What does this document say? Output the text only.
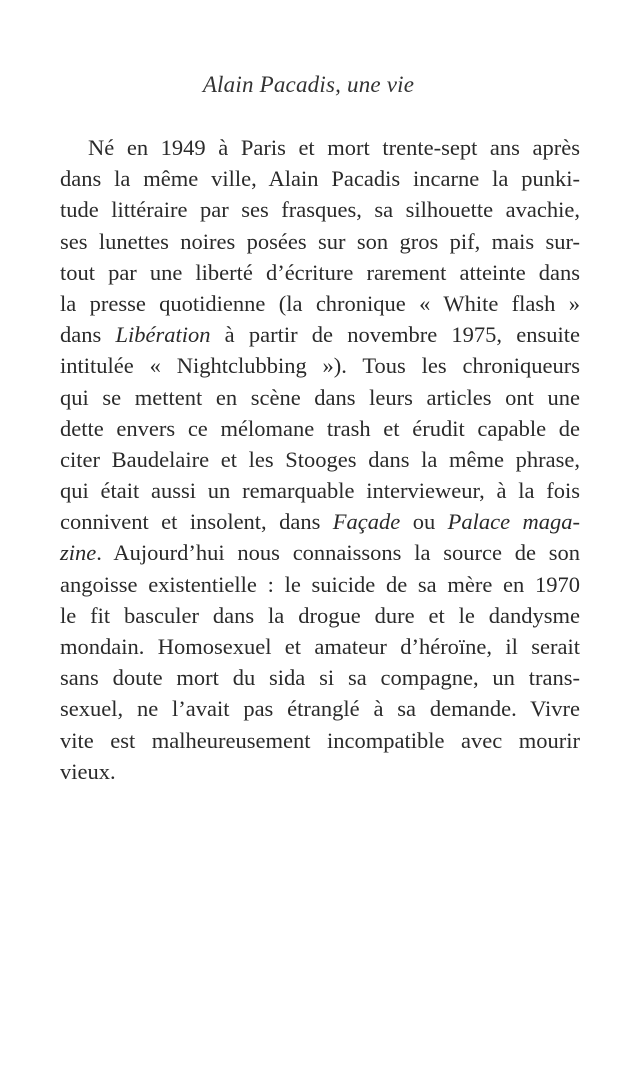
Alain Pacadis, une vie
Né en 1949 à Paris et mort trente-sept ans après
dans la même ville, Alain Pacadis incarne la punki-
tude littéraire par ses frasques, sa silhouette avachie,
ses lunettes noires posées sur son gros pif, mais sur-
tout par une liberté d’écriture rarement atteinte dans
la presse quotidienne (la chronique « White flash »
dans Libération à partir de novembre 1975, ensuite
intitulée « Nightclubbing »). Tous les chroniqueurs
qui se mettent en scène dans leurs articles ont une
dette envers ce mélomane trash et érudit capable de
citer Baudelaire et les Stooges dans la même phrase,
qui était aussi un remarquable intervieweur, à la fois
connivent et insolent, dans Façade ou Palace maga-
zine. Aujourd’hui nous connaissons la source de son
angoisse existentielle : le suicide de sa mère en 1970
le fit basculer dans la drogue dure et le dandysme
mondain. Homosexuel et amateur d’héroïne, il serait
sans doute mort du sida si sa compagne, un trans-
sexuel, ne l’avait pas étranglé à sa demande. Vivre
vite est malheureusement incompatible avec mourir
vieux.
